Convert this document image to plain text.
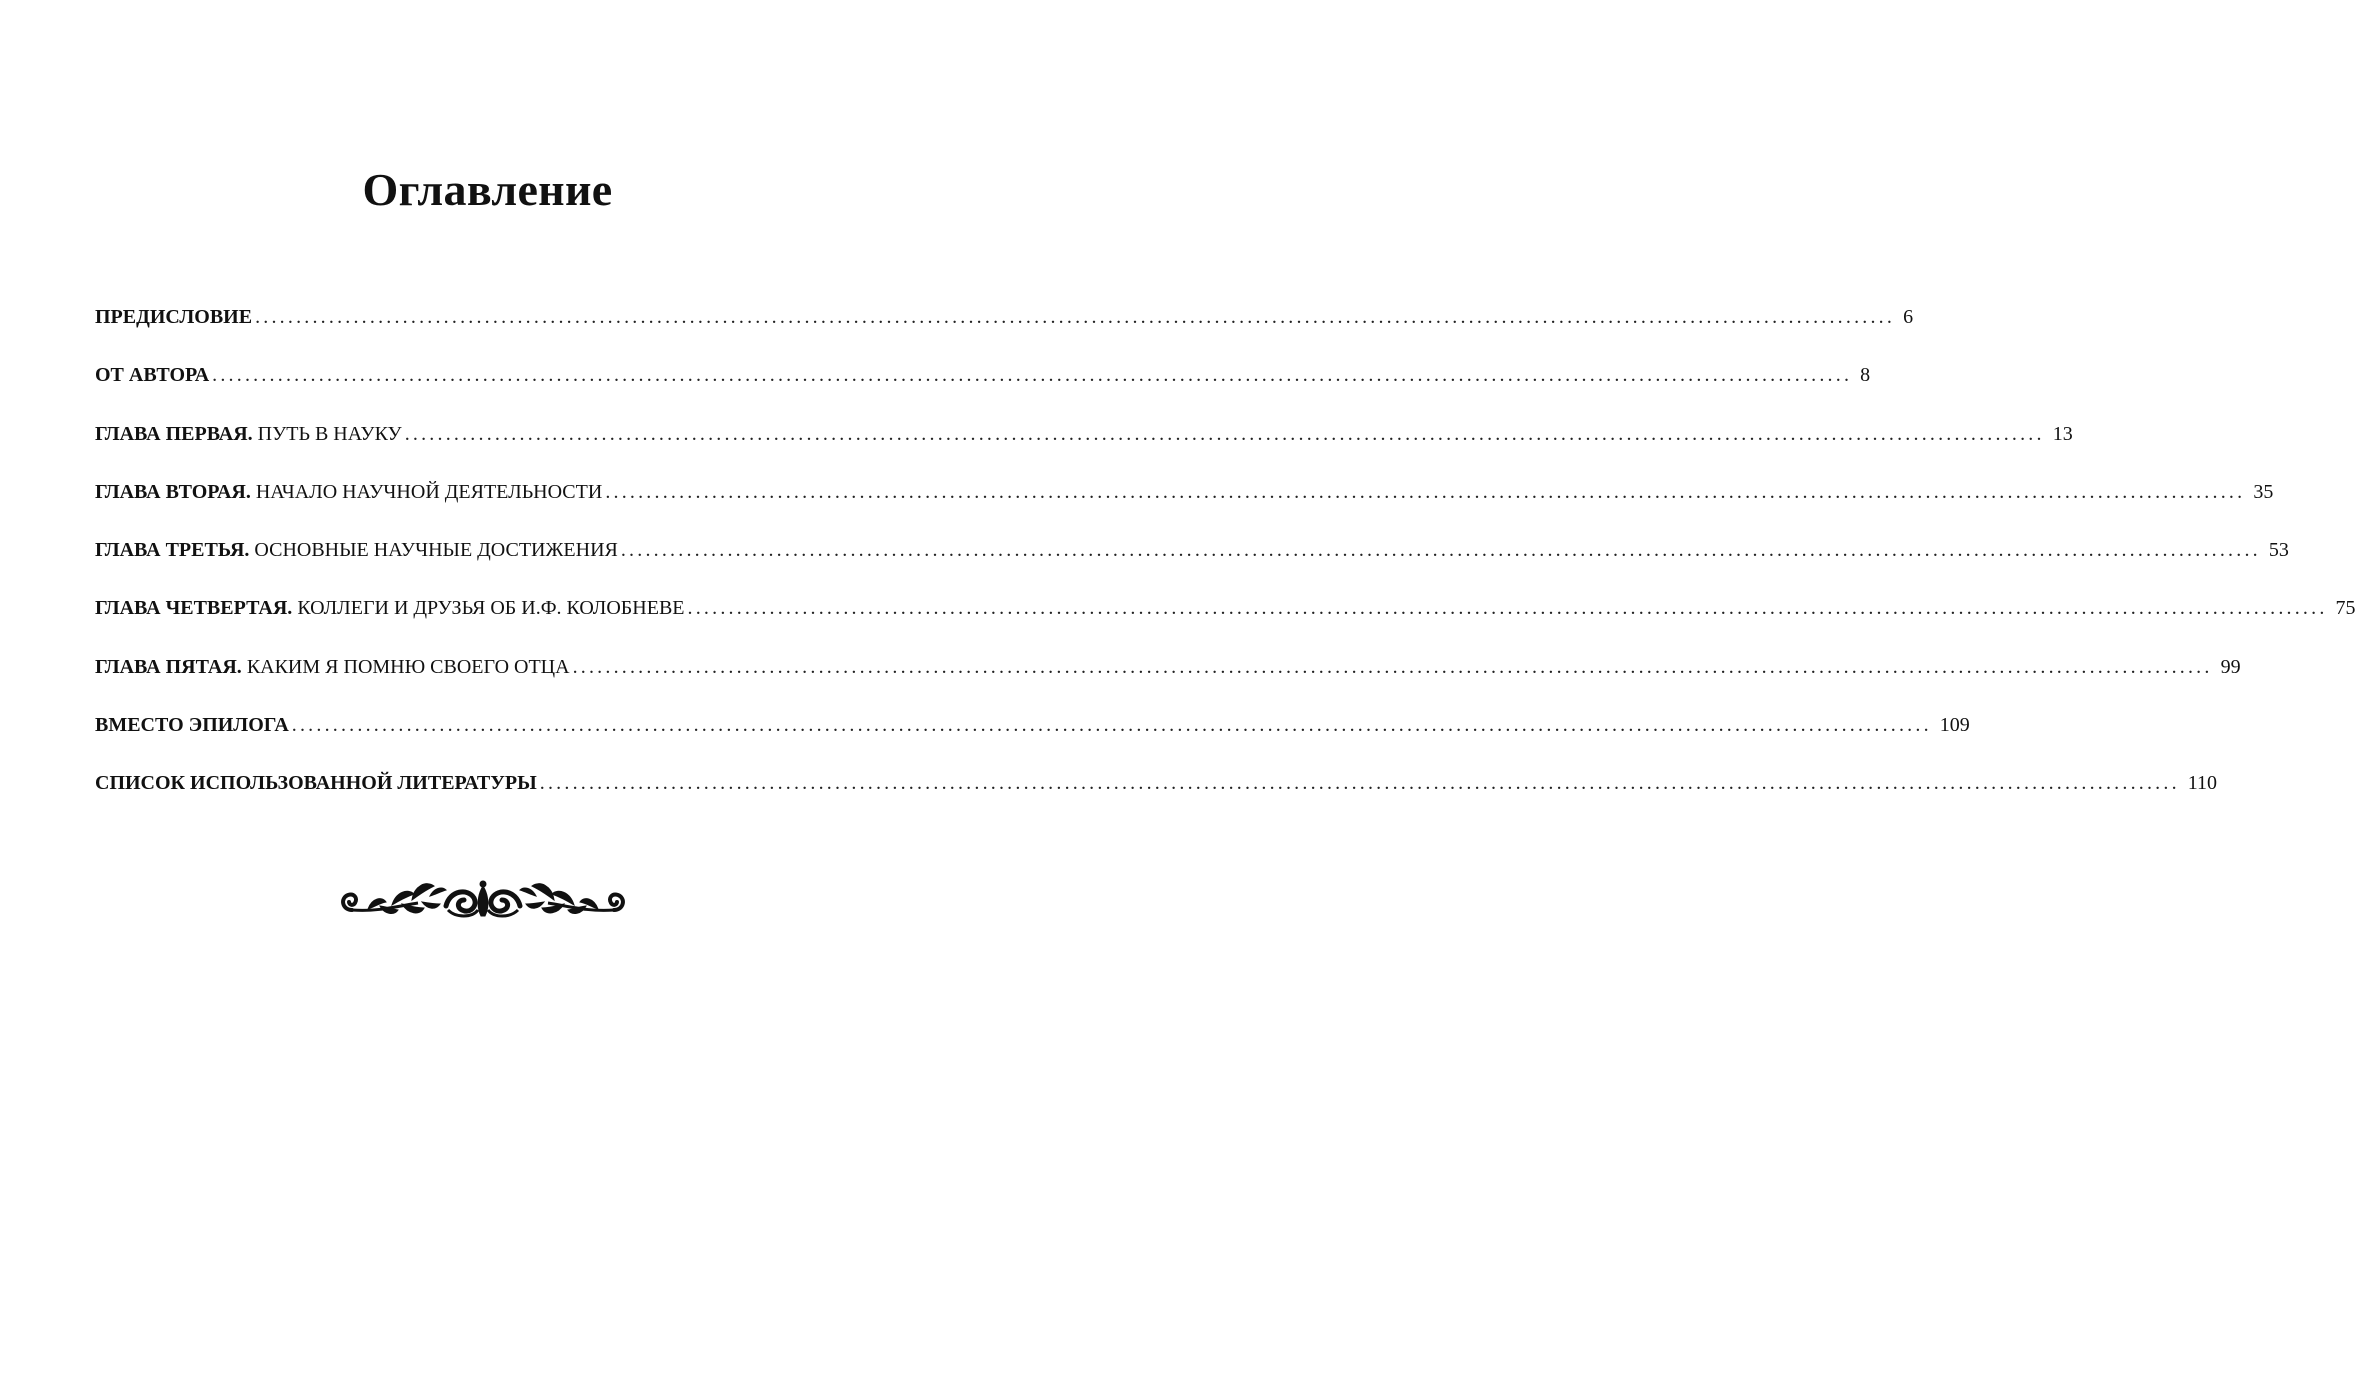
Оглавление
ПРЕДИСЛОВИЕ ........................................................................................................................................................................................................ 6
ОТ АВТОРА ........................................................................................................................................................................................................ 8
ГЛАВА ПЕРВАЯ. ПУТЬ В НАУКУ ........................................................................................................................................................................................................ 13
ГЛАВА ВТОРАЯ. НАЧАЛО НАУЧНОЙ ДЕЯТЕЛЬНОСТИ ........................................................................................................................................................................................................ 35
ГЛАВА ТРЕТЬЯ. ОСНОВНЫЕ НАУЧНЫЕ ДОСТИЖЕНИЯ ........................................................................................................................................................................................................ 53
ГЛАВА ЧЕТВЕРТАЯ. КОЛЛЕГИ И ДРУЗЬЯ ОБ И.Ф. КОЛОБНЕВЕ ........................................................................................................................................................................................................ 75
ГЛАВА ПЯТАЯ. КАКИМ Я ПОМНЮ СВОЕГО ОТЦА ........................................................................................................................................................................................................ 99
ВМЕСТО ЭПИЛОГА ........................................................................................................................................................................................................ 109
СПИСОК ИСПОЛЬЗОВАННОЙ ЛИТЕРАТУРЫ ........................................................................................................................................................................................................ 110
